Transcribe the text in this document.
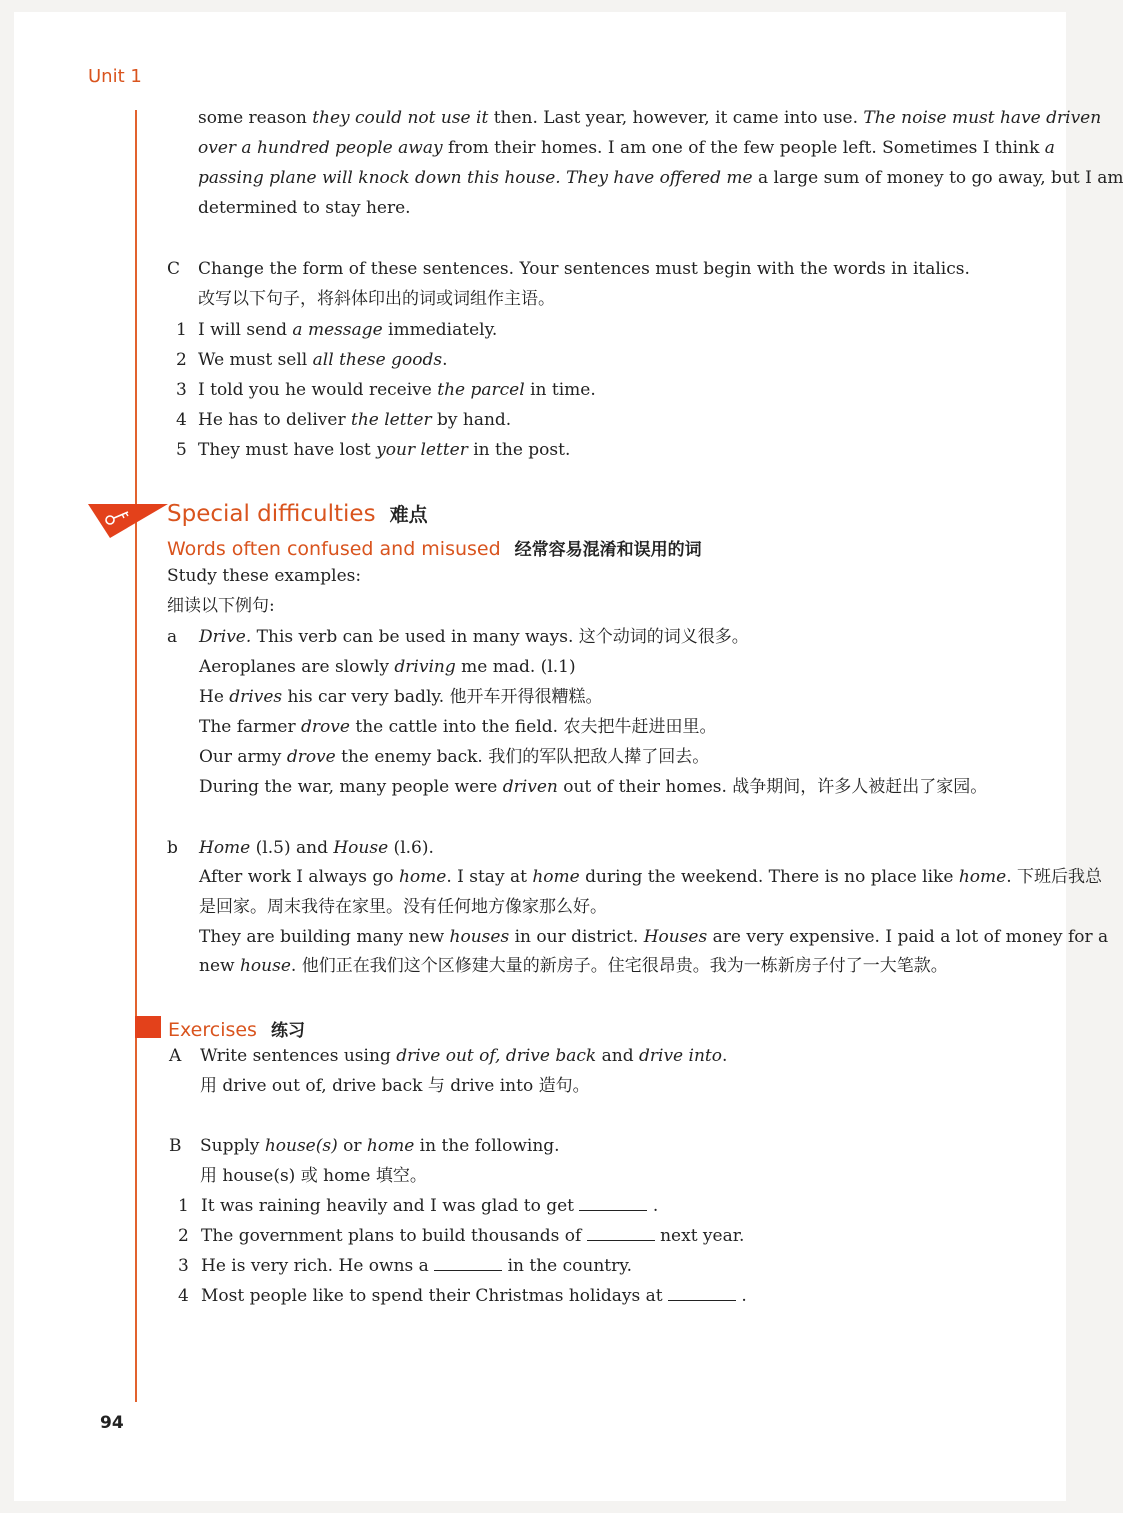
Unit 1
some reason they could not use it then. Last year, however, it came into use. The noise must have driven
over a hundred people away from their homes. I am one of the few people left. Sometimes I think a
passing plane will knock down this house. They have offered me a large sum of money to go away, but I am
determined to stay here.
C Change the form of these sentences. Your sentences must begin with the words in italics.
改写以下句子，将斜体印出的词或词组作主语。
1 I will send a message immediately.
2 We must sell all these goods.
3 I told you he would receive the parcel in time.
4 He has to deliver the letter by hand.
5 They must have lost your letter in the post.
Special difficulties 难点
Words often confused and misused 经常容易混淆和误用的词
Study these examples:
细读以下例句:
a Drive. This verb can be used in many ways. 这个动词的词义很多。
Aeroplanes are slowly driving me mad. (l.1)
He drives his car very badly. 他开车开得很糟糕。
The farmer drove the cattle into the field. 农夫把牛赶进田里。
Our army drove the enemy back. 我们的军队把敌人撵了回去。
During the war, many people were driven out of their homes. 战争期间，许多人被赶出了家园。
b Home (l.5) and House (l.6).
After work I always go home. I stay at home during the weekend. There is no place like home. 下班后我总
是回家。周末我待在家里。没有任何地方像家那么好。
They are building many new houses in our district. Houses are very expensive. I paid a lot of money for a
new house. 他们正在我们这个区修建大量的新房子。住宅很昂贵。我为一栋新房子付了一大笔款。
Exercises 练习
A Write sentences using drive out of, drive back and drive into.
用 drive out of, drive back 与 drive into 造句。
B Supply house(s) or home in the following.
用 house(s) 或 home 填空。
1 It was raining heavily and I was glad to get	.
2 The government plans to build thousands of	next year.
3 He is very rich. He owns a	in the country.
4 Most people like to spend their Christmas holidays at	.
94
